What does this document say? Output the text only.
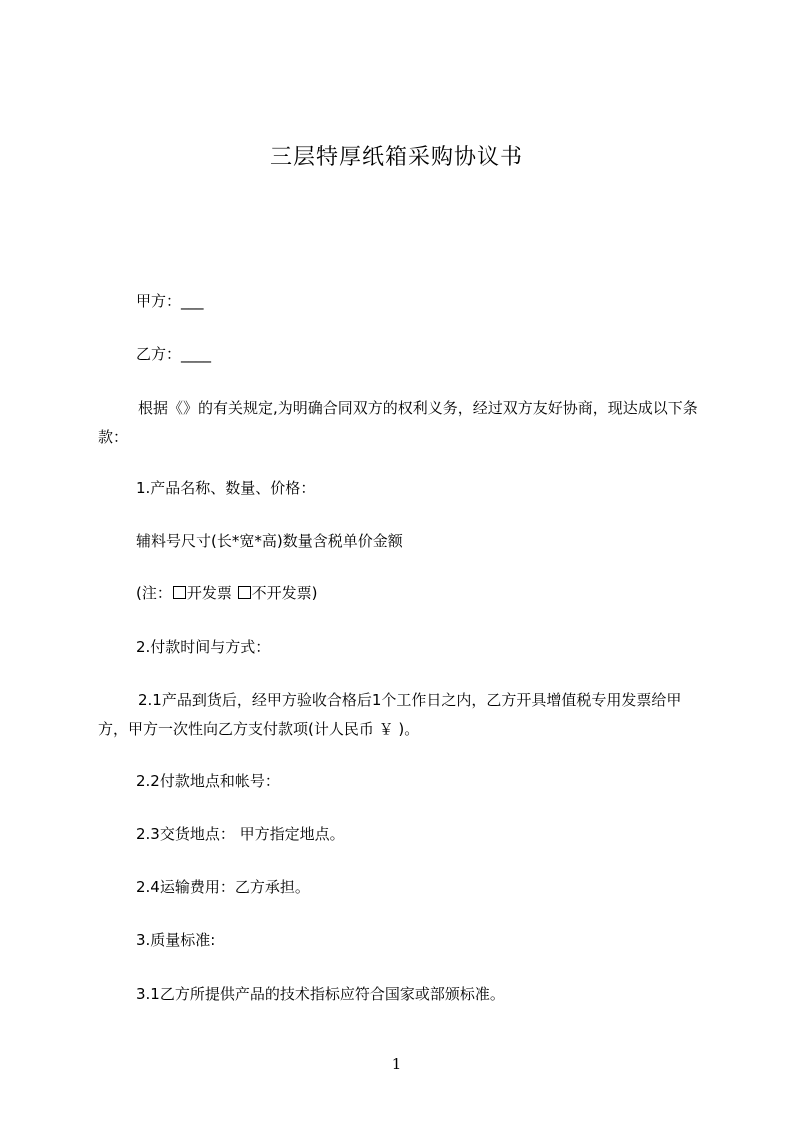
三层特厚纸箱采购协议书
甲方：___
乙方：____
根据《》的有关规定,为明确合同双方的权利义务，经过双方友好协商，现达成以下条款：
1.产品名称、数量、价格：
辅料号尺寸(长*宽*高)数量含税单价金额
(注： 开发票 不开发票)
2.付款时间与方式：
2.1产品到货后，经甲方验收合格后1个工作日之内，乙方开具增值税专用发票给甲方，甲方一次性向乙方支付款项(计人民币 ￥ )。
2.2付款地点和帐号：
2.3交货地点： 甲方指定地点。
2.4运输费用：乙方承担。
3.质量标准:
3.1乙方所提供产品的技术指标应符合国家或部颁标准。
1
